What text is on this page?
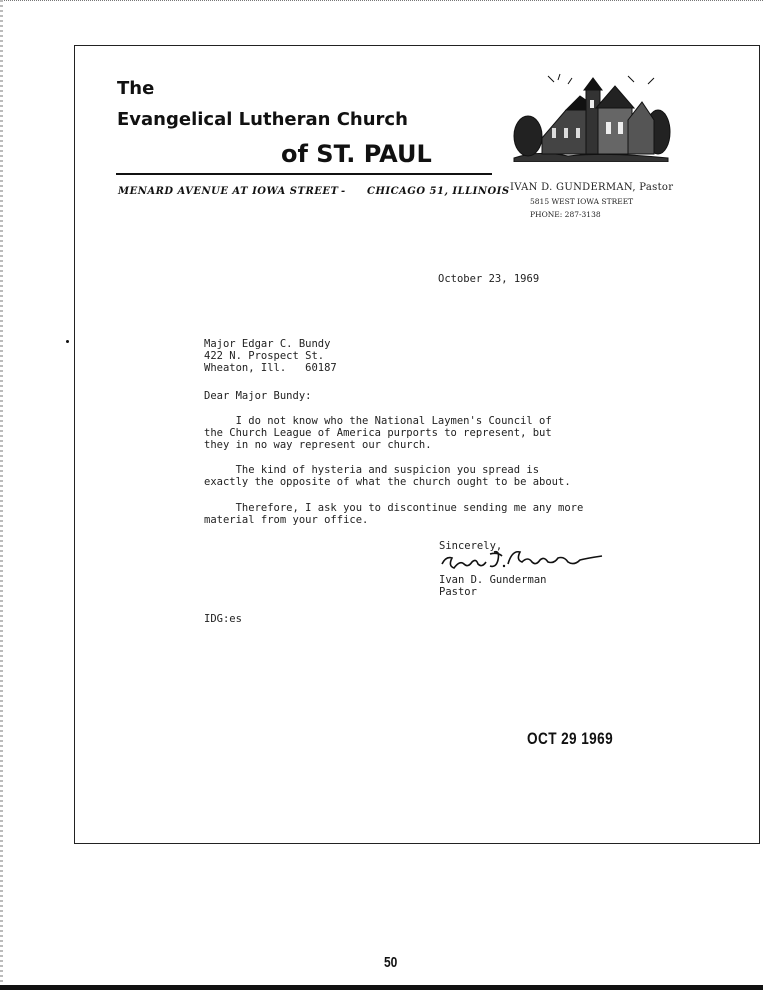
The
Evangelical Lutheran Church
of ST. PAUL
MENARD AVENUE AT IOWA STREET - CHICAGO 51, ILLINOIS IVAN D. GUNDERMAN, Pastor
5815 WEST IOWA STREET
PHONE: 287-3138
October 23, 1969
Major Edgar C. Bundy
422 N. Prospect St.
Wheaton, Ill.   60187
Dear Major Bundy:
I do not know who the National Laymen's Council of
the Church League of America purports to represent, but
they in no way represent our church.
The kind of hysteria and suspicion you spread is
exactly the opposite of what the church ought to be about.
Therefore, I ask you to discontinue sending me any more
material from your office.
Sincerely,
Ivan D. Gunderman
Pastor
IDG:es
OCT 29 1969
50
